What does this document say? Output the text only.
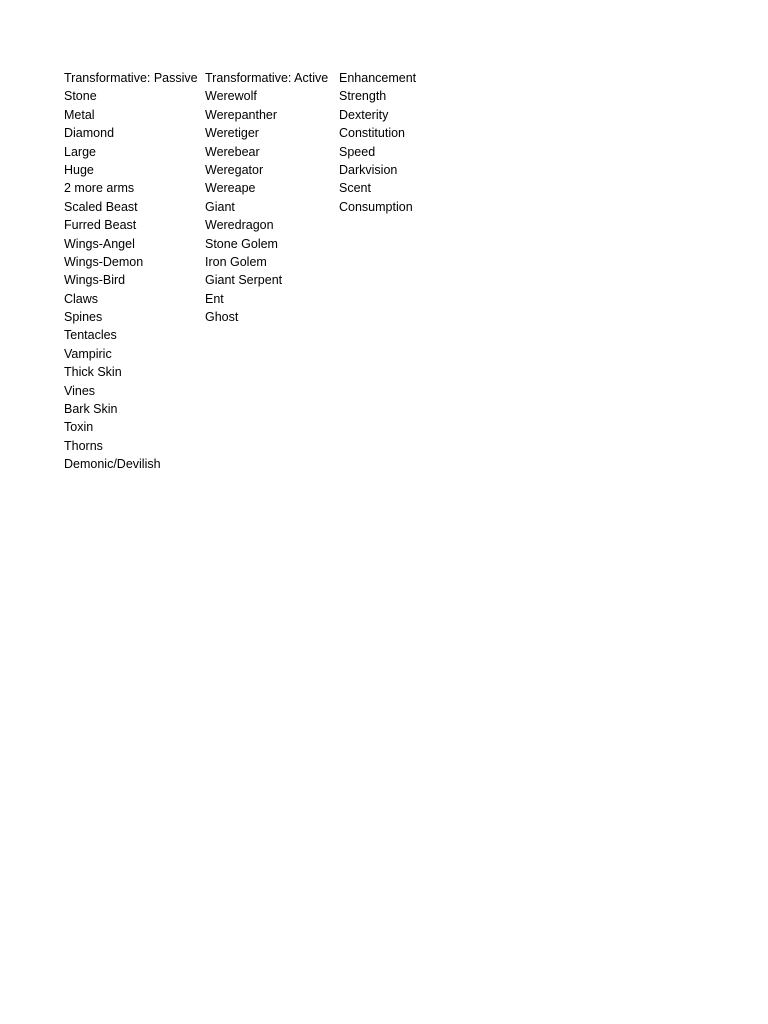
Transformative: Passive
Stone
Metal
Diamond
Large
Huge
2 more arms
Scaled Beast
Furred Beast
Wings-Angel
Wings-Demon
Wings-Bird
Claws
Spines
Tentacles
Vampiric
Thick Skin
Vines
Bark Skin
Toxin
Thorns
Demonic/Devilish
Transformative: Active
Werewolf
Werepanther
Weretiger
Werebear
Weregator
Wereape
Giant
Weredragon
Stone Golem
Iron Golem
Giant Serpent
Ent
Ghost
Enhancement
Strength
Dexterity
Constitution
Speed
Darkvision
Scent
Consumption
